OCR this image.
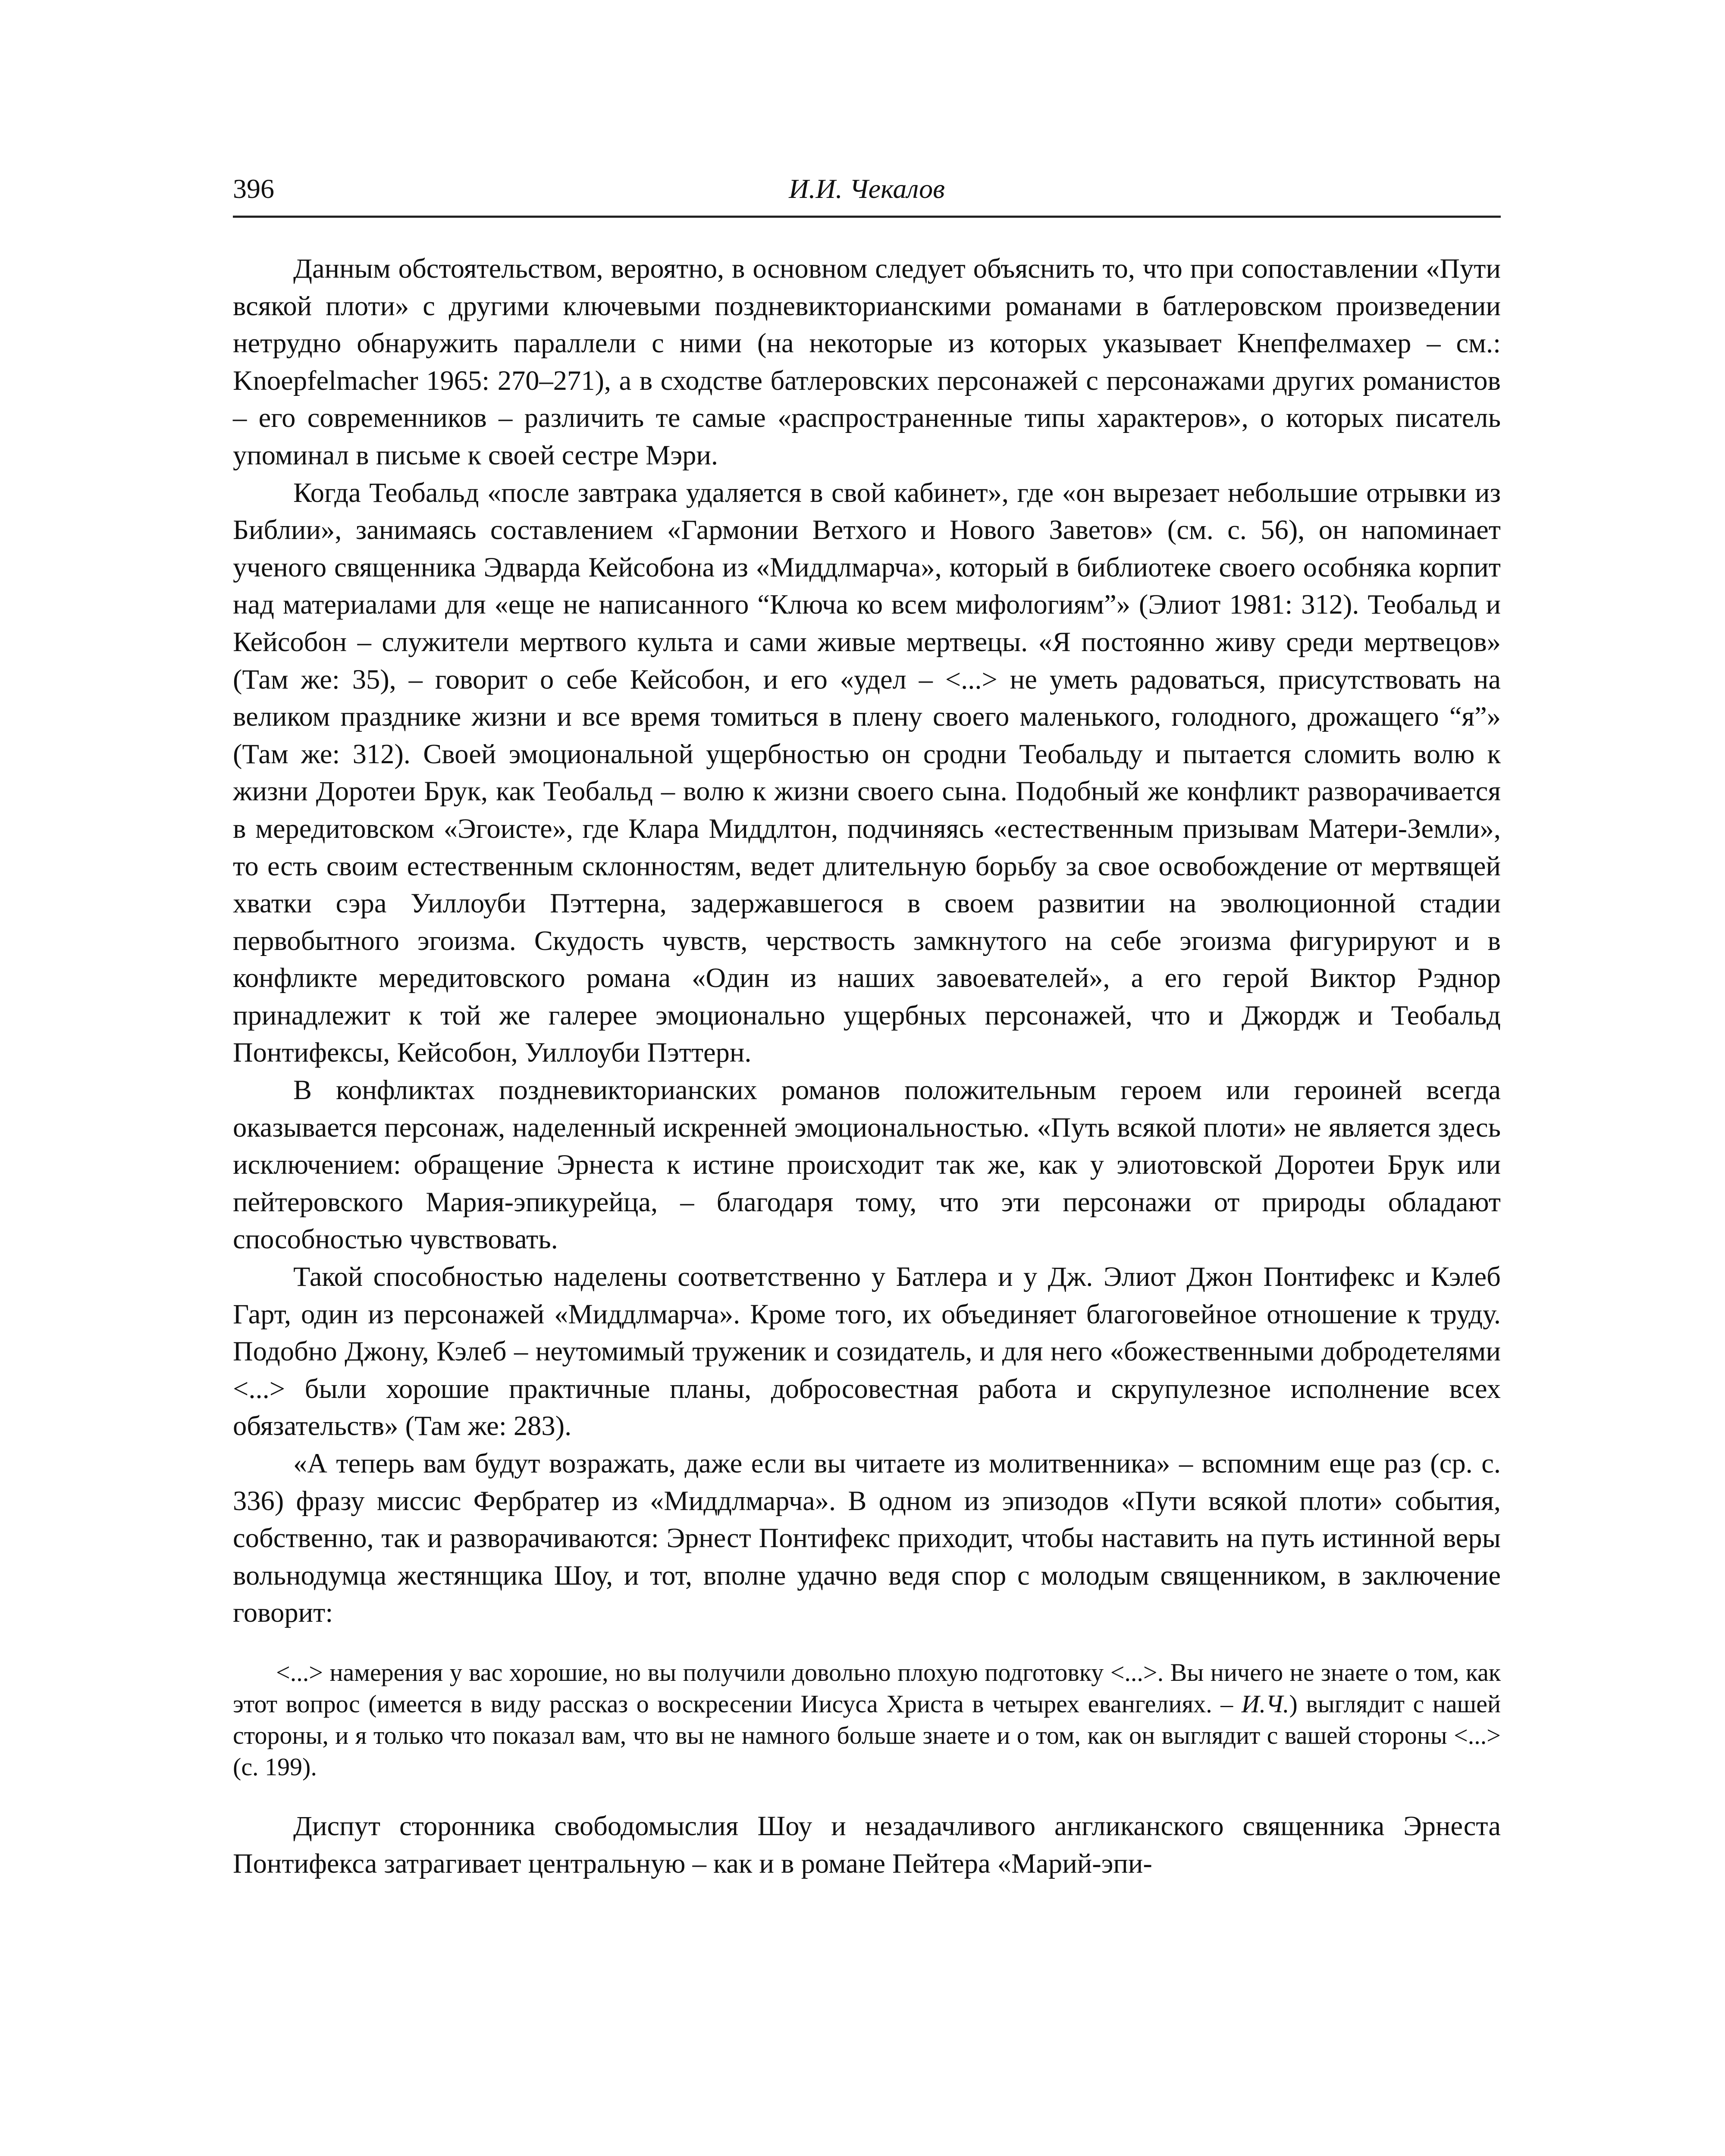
396	И.И. Чекалов

Данным обстоятельством, вероятно, в основном следует объяснить то, что при сопоставлении «Пути всякой плоти» с другими ключевыми поздневикторианскими романами в батлеровском произведении нетрудно обнаружить параллели с ними (на некоторые из которых указывает Кнепфелмахер – см.: Knoepfelmacher 1965: 270–271), а в сходстве батлеровских персонажей с персонажами других романистов – его современников – различить те самые «распространенные типы характеров», о которых писатель упоминал в письме к своей сестре Мэри.

Когда Теобальд «после завтрака удаляется в свой кабинет», где «он вырезает небольшие отрывки из Библии», занимаясь составлением «Гармонии Ветхого и Нового Заветов» (см. с. 56), он напоминает ученого священника Эдварда Кейсобона из «Миддлмарча», который в библиотеке своего особняка корпит над материалами для «еще не написанного “Ключа ко всем мифологиям”» (Элиот 1981: 312). Теобальд и Кейсобон – служители мертвого культа и сами живые мертвецы. «Я постоянно живу среди мертвецов» (Там же: 35), – говорит о себе Кейсобон, и его «удел – <...> не уметь радоваться, присутствовать на великом празднике жизни и все время томиться в плену своего маленького, голодного, дрожащего “я”» (Там же: 312). Своей эмоциональной ущербностью он сродни Теобальду и пытается сломить волю к жизни Доротеи Брук, как Теобальд – волю к жизни своего сына. Подобный же конфликт разворачивается в мередитовском «Эгоисте», где Клара Миддлтон, подчиняясь «естественным призывам Матери-Земли», то есть своим естественным склонностям, ведет длительную борьбу за свое освобождение от мертвящей хватки сэра Уиллоуби Пэттерна, задержавшегося в своем развитии на эволюционной стадии первобытного эгоизма. Скудость чувств, черствость замкнутого на себе эгоизма фигурируют и в конфликте мередитовского романа «Один из наших завоевателей», а его герой Виктор Рэднор принадлежит к той же галерее эмоционально ущербных персонажей, что и Джордж и Теобальд Понтифексы, Кейсобон, Уиллоуби Пэттерн.

В конфликтах поздневикторианских романов положительным героем или героиней всегда оказывается персонаж, наделенный искренней эмоциональностью. «Путь всякой плоти» не является здесь исключением: обращение Эрнеста к истине происходит так же, как у элиотовской Доротеи Брук или пейтеровского Мария-эпикурейца, – благодаря тому, что эти персонажи от природы обладают способностью чувствовать.

Такой способностью наделены соответственно у Батлера и у Дж. Элиот Джон Понтифекс и Кэлеб Гарт, один из персонажей «Миддлмарча». Кроме того, их объединяет благоговейное отношение к труду. Подобно Джону, Кэлеб – неутомимый труженик и созидатель, и для него «божественными добродетелями <...> были хорошие практичные планы, добросовестная работа и скрупулезное исполнение всех обязательств» (Там же: 283).

«А теперь вам будут возражать, даже если вы читаете из молитвенника» – вспомним еще раз (ср. с. 336) фразу миссис Фербратер из «Миддлмарча». В одном из эпизодов «Пути всякой плоти» события, собственно, так и разворачиваются: Эрнест Понтифекс приходит, чтобы наставить на путь истинной веры вольнодумца жестянщика Шоу, и тот, вполне удачно ведя спор с молодым священником, в заключение говорит:

<...> намерения у вас хорошие, но вы получили довольно плохую подготовку <...>. Вы ничего не знаете о том, как этот вопрос (имеется в виду рассказ о воскресении Иисуса Христа в четырех евангелиях. – И.Ч.) выглядит с нашей стороны, и я только что показал вам, что вы не намного больше знаете и о том, как он выглядит с вашей стороны <...> (с. 199).

Диспут сторонника свободомыслия Шоу и незадачливого англиканского священника Эрнеста Понтифекса затрагивает центральную – как и в романе Пейтера «Марий-эпи-
